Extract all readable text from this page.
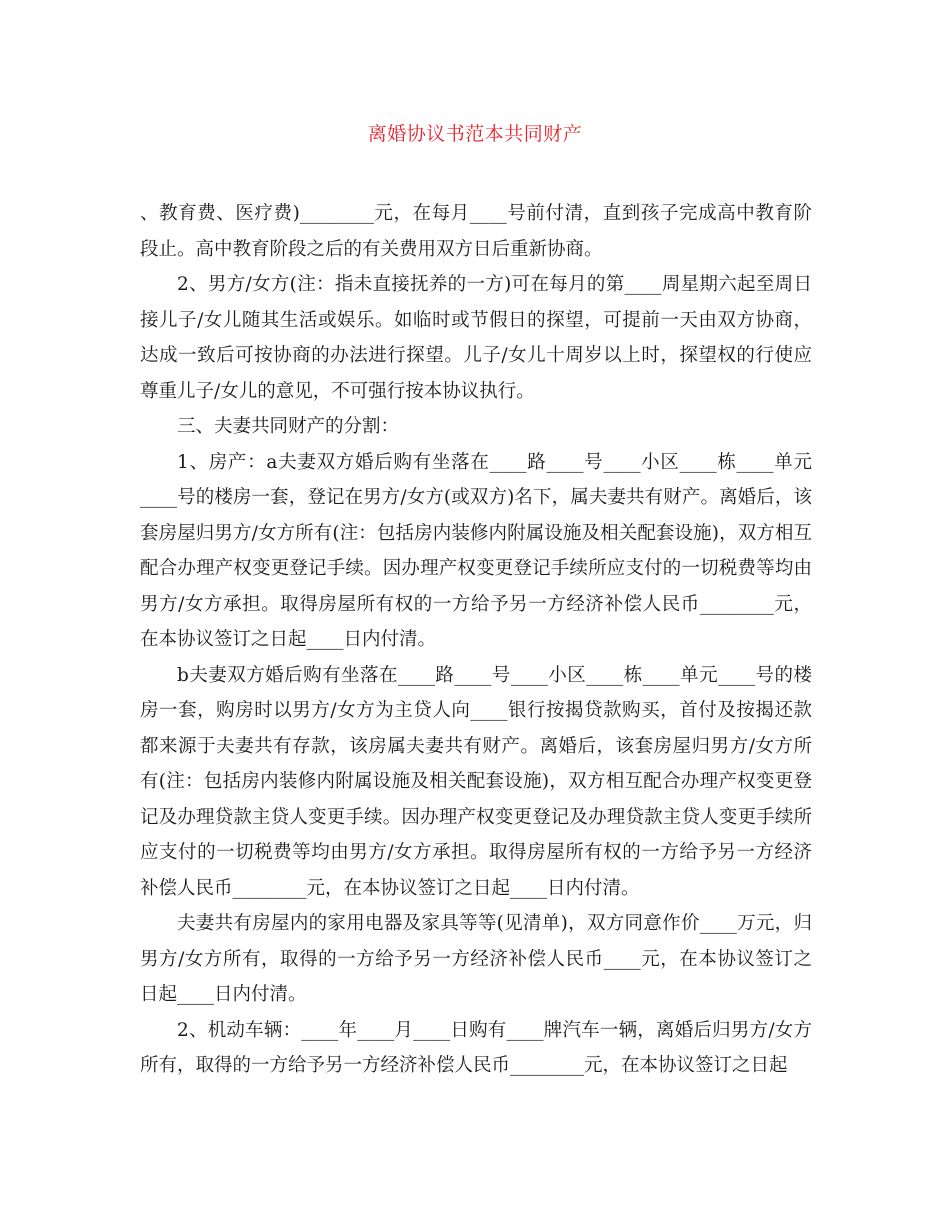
离婚协议书范本共同财产

、教育费、医疗费)________元，在每月____号前付清，直到孩子完成高中教育阶段止。高中教育阶段之后的有关费用双方日后重新协商。

2、男方/女方(注：指未直接抚养的一方)可在每月的第____周星期六起至周日接儿子/女儿随其生活或娱乐。如临时或节假日的探望，可提前一天由双方协商，达成一致后可按协商的办法进行探望。儿子/女儿十周岁以上时，探望权的行使应尊重儿子/女儿的意见，不可强行按本协议执行。

三、夫妻共同财产的分割：

1、房产：a夫妻双方婚后购有坐落在____路____号____小区____栋____单元____号的楼房一套，登记在男方/女方(或双方)名下，属夫妻共有财产。离婚后，该套房屋归男方/女方所有(注：包括房内装修内附属设施及相关配套设施)，双方相互配合办理产权变更登记手续。因办理产权变更登记手续所应支付的一切税费等均由男方/女方承担。取得房屋所有权的一方给予另一方经济补偿人民币________元，在本协议签订之日起____日内付清。

b夫妻双方婚后购有坐落在____路____号____小区____栋____单元____号的楼房一套，购房时以男方/女方为主贷人向____银行按揭贷款购买，首付及按揭还款都来源于夫妻共有存款，该房属夫妻共有财产。离婚后，该套房屋归男方/女方所有(注：包括房内装修内附属设施及相关配套设施)，双方相互配合办理产权变更登记及办理贷款主贷人变更手续。因办理产权变更登记及办理贷款主贷人变更手续所应支付的一切税费等均由男方/女方承担。取得房屋所有权的一方给予另一方经济补偿人民币________元，在本协议签订之日起____日内付清。

夫妻共有房屋内的家用电器及家具等等(见清单)，双方同意作价____万元，归男方/女方所有，取得的一方给予另一方经济补偿人民币____元，在本协议签订之日起____日内付清。

2、机动车辆：____年____月____日购有____牌汽车一辆，离婚后归男方/女方所有，取得的一方给予另一方经济补偿人民币________元，在本协议签订之日起
